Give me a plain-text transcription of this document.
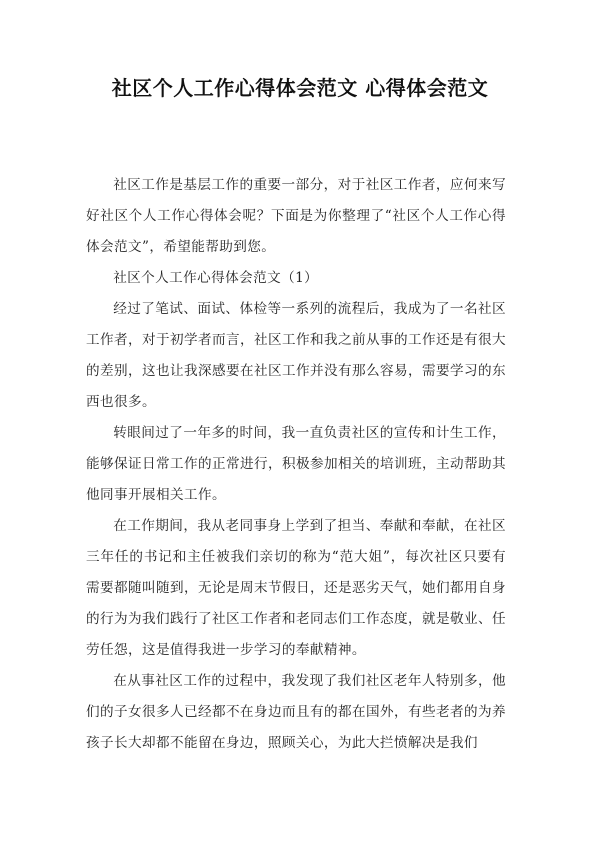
社区个人工作心得体会范文 心得体会范文

社区工作是基层工作的重要一部分，对于社区工作者，应何来写好社区个人工作心得体会呢？下面是为你整理了“社区个人工作心得体会范文”，希望能帮助到您。

社区个人工作心得体会范文（1）

经过了笔试、面试、体检等一系列的流程后，我成为了一名社区工作者，对于初学者而言，社区工作和我之前从事的工作还是有很大的差别，这也让我深感要在社区工作并没有那么容易，需要学习的东西也很多。

转眼间过了一年多的时间，我一直负责社区的宣传和计生工作，能够保证日常工作的正常进行，积极参加相关的培训班，主动帮助其他同事开展相关工作。

在工作期间，我从老同事身上学到了担当、奉献和奉献，在社区三年任的书记和主任被我们亲切的称为“范大姐”，每次社区只要有需要都随叫随到，无论是周末节假日，还是恶劣天气，她们都用自身的行为为我们践行了社区工作者和老同志们工作态度，就是敬业、任劳任怨，这是值得我进一步学习的奉献精神。

在从事社区工作的过程中，我发现了我们社区老年人特别多，他们的子女很多人已经都不在身边而且有的都在国外，有些老者的为养孩子长大却都不能留在身边，照顾关心，为此大拦愤解决是我们
